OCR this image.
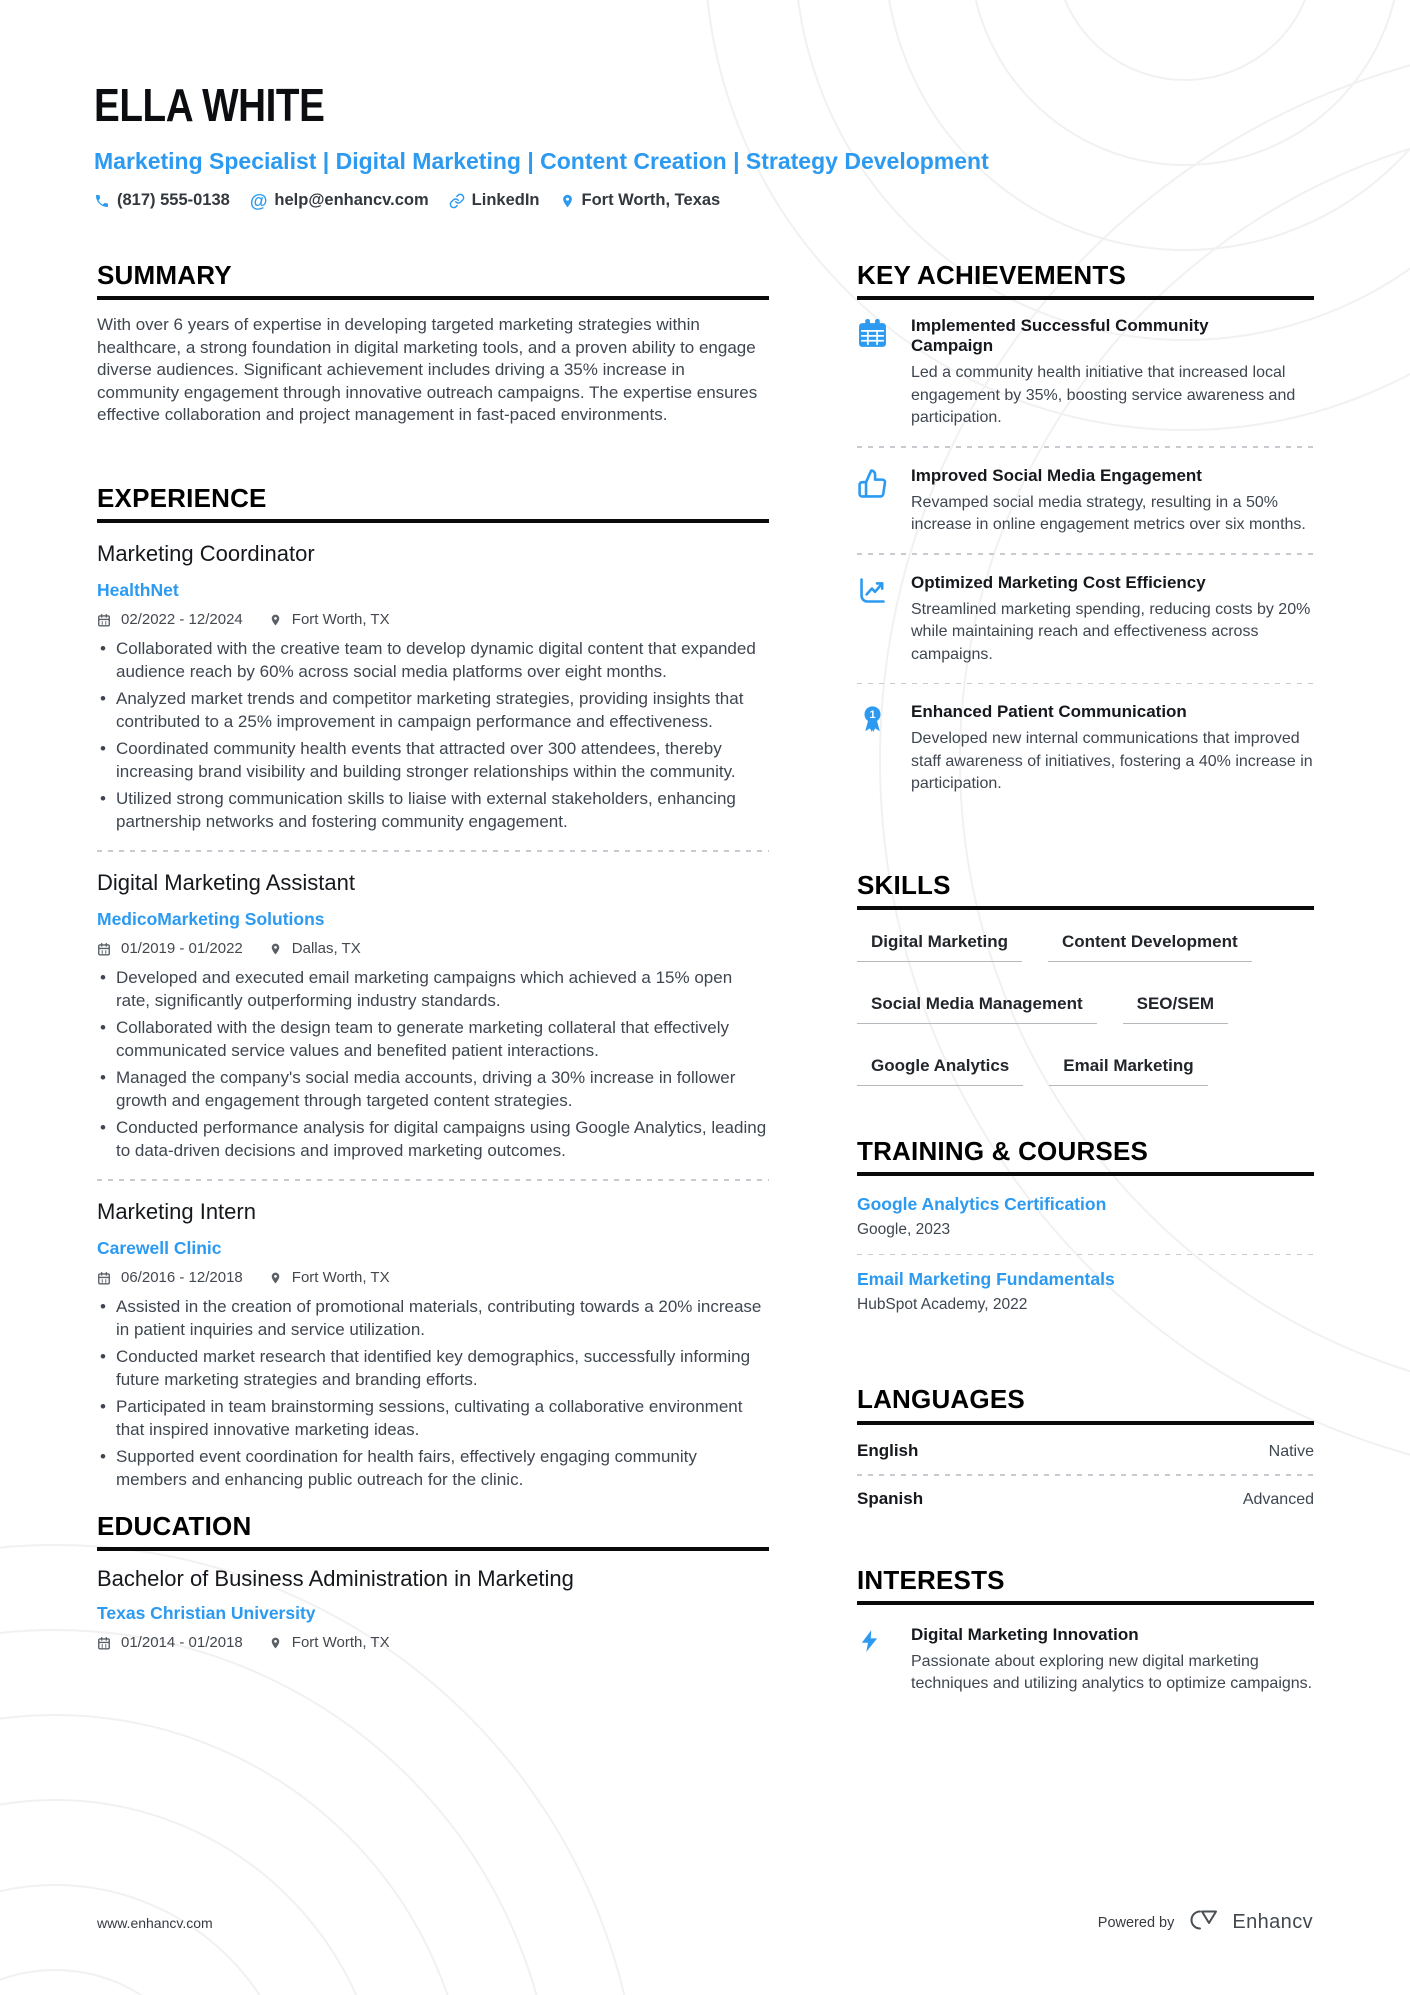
ELLA WHITE
Marketing Specialist | Digital Marketing | Content Creation | Strategy Development
(817) 555-0138 @ help@enhancv.com	LinkedIn	Fort Worth, Texas
SUMMARY

With over 6 years of expertise in developing targeted marketing strategies within healthcare, a strong foundation in digital marketing tools, and a proven ability to engage diverse audiences. Significant achievement includes driving a 35% increase in community engagement through innovative outreach campaigns. The expertise ensures effective collaboration and project management in fast-paced environments.

EXPERIENCE
Marketing Coordinator
HealthNet
02/2022 - 12/2024	Fort Worth, TX
• Collaborated with the creative team to develop dynamic digital content that expanded audience reach by 60% across social media platforms over eight months.
• Analyzed market trends and competitor marketing strategies, providing insights that contributed to a 25% improvement in campaign performance and effectiveness.
• Coordinated community health events that attracted over 300 attendees, thereby increasing brand visibility and building stronger relationships within the community.
• Utilized strong communication skills to liaise with external stakeholders, enhancing partnership networks and fostering community engagement.
Digital Marketing Assistant
MedicoMarketing Solutions
01/2019 - 01/2022	Dallas, TX
• Developed and executed email marketing campaigns which achieved a 15% open rate, significantly outperforming industry standards.
• Collaborated with the design team to generate marketing collateral that effectively communicated service values and benefited patient interactions.
• Managed the company's social media accounts, driving a 30% increase in follower growth and engagement through targeted content strategies.
• Conducted performance analysis for digital campaigns using Google Analytics, leading to data-driven decisions and improved marketing outcomes.
Marketing Intern
Carewell Clinic
06/2016 - 12/2018	Fort Worth, TX
• Assisted in the creation of promotional materials, contributing towards a 20% increase in patient inquiries and service utilization.
• Conducted market research that identified key demographics, successfully informing future marketing strategies and branding efforts.
• Participated in team brainstorming sessions, cultivating a collaborative environment that inspired innovative marketing ideas.
• Supported event coordination for health fairs, effectively engaging community members and enhancing public outreach for the clinic.
EDUCATION
Bachelor of Business Administration in Marketing
Texas Christian University
01/2014 - 01/2018	Fort Worth, TX
KEY ACHIEVEMENTS
Implemented Successful Community Campaign
Led a community health initiative that increased local engagement by 35%, boosting service awareness and participation.
Improved Social Media Engagement
Revamped social media strategy, resulting in a 50% increase in online engagement metrics over six months.
Optimized Marketing Cost Efficiency
Streamlined marketing spending, reducing costs by 20% while maintaining reach and effectiveness across campaigns.
1 Enhanced Patient Communication
Developed new internal communications that improved staff awareness of initiatives, fostering a 40% increase in participation.
SKILLS
Digital Marketing	Content Development
Social Media Management	SEO/SEM
Google Analytics	Email Marketing
TRAINING & COURSES
Google Analytics Certification
Google, 2023
Email Marketing Fundamentals
HubSpot Academy, 2022
LANGUAGES
English	Native
Spanish	Advanced
INTERESTS
Digital Marketing Innovation
Passionate about exploring new digital marketing techniques and utilizing analytics to optimize campaigns.
www.enhancv.com	Powered by	Enhancv
